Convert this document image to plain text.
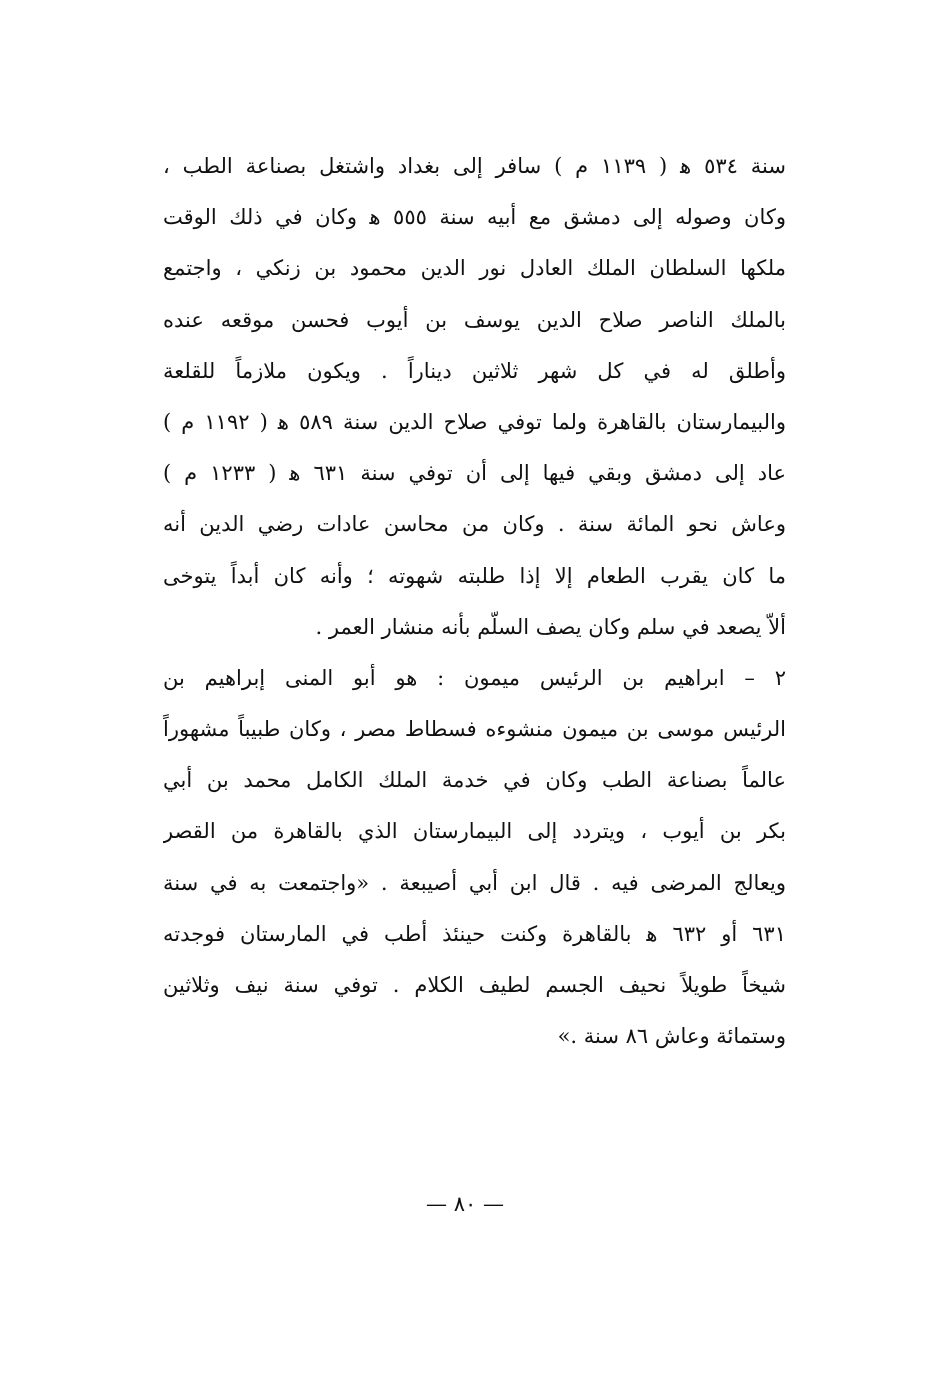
سنة ٥٣٤ ﻫ ( ١١٣٩ م ) سافر إلى بغداد واشتغل بصناعة الطب ،
وكان وصوله إلى دمشق مع أبيه سنة ٥٥٥ ﻫ وكان في ذلك الوقت
ملكها السلطان الملك العادل نور الدين محمود بن زنكي ، واجتمع
بالملك الناصر صلاح الدين يوسف بن أيوب فحسن موقعه عنده
وأطلق له في كل شهر ثلاثين ديناراً . ويكون ملازماً للقلعة
والبيمارستان بالقاهرة ولما توفي صلاح الدين سنة ٥٨٩ ﻫ ( ١١٩٢ م )
عاد إلى دمشق وبقي فيها إلى أن توفي سنة ٦٣١ ﻫ ( ١٢٣٣ م )
وعاش نحو المائة سنة . وكان من محاسن عادات رضي الدين أنه
ما كان يقرب الطعام إلا إذا طلبته شهوته ؛ وأنه كان أبداً يتوخى
ألاّ يصعد في سلم وكان يصف السلّم بأنه منشار العمر .
٢ – ابراهيم بن الرئيس ميمون : هو أبو المنى إبراهيم بن
الرئيس موسى بن ميمون منشوءه فسطاط مصر ، وكان طبيباً مشهوراً
عالماً بصناعة الطب وكان في خدمة الملك الكامل محمد بن أبي
بكر بن أيوب ، ويتردد إلى البيمارستان الذي بالقاهرة من القصر
ويعالج المرضى فيه . قال ابن أبي أصيبعة . «واجتمعت به في سنة
٦٣١ أو ٦٣٢ ﻫ بالقاهرة وكنت حينئذ أطب في المارستان فوجدته
شيخاً طويلاً نحيف الجسم لطيف الكلام . توفي سنة نيف وثلاثين
وستمائة وعاش ٨٦ سنة .»
— ٨٠ —
